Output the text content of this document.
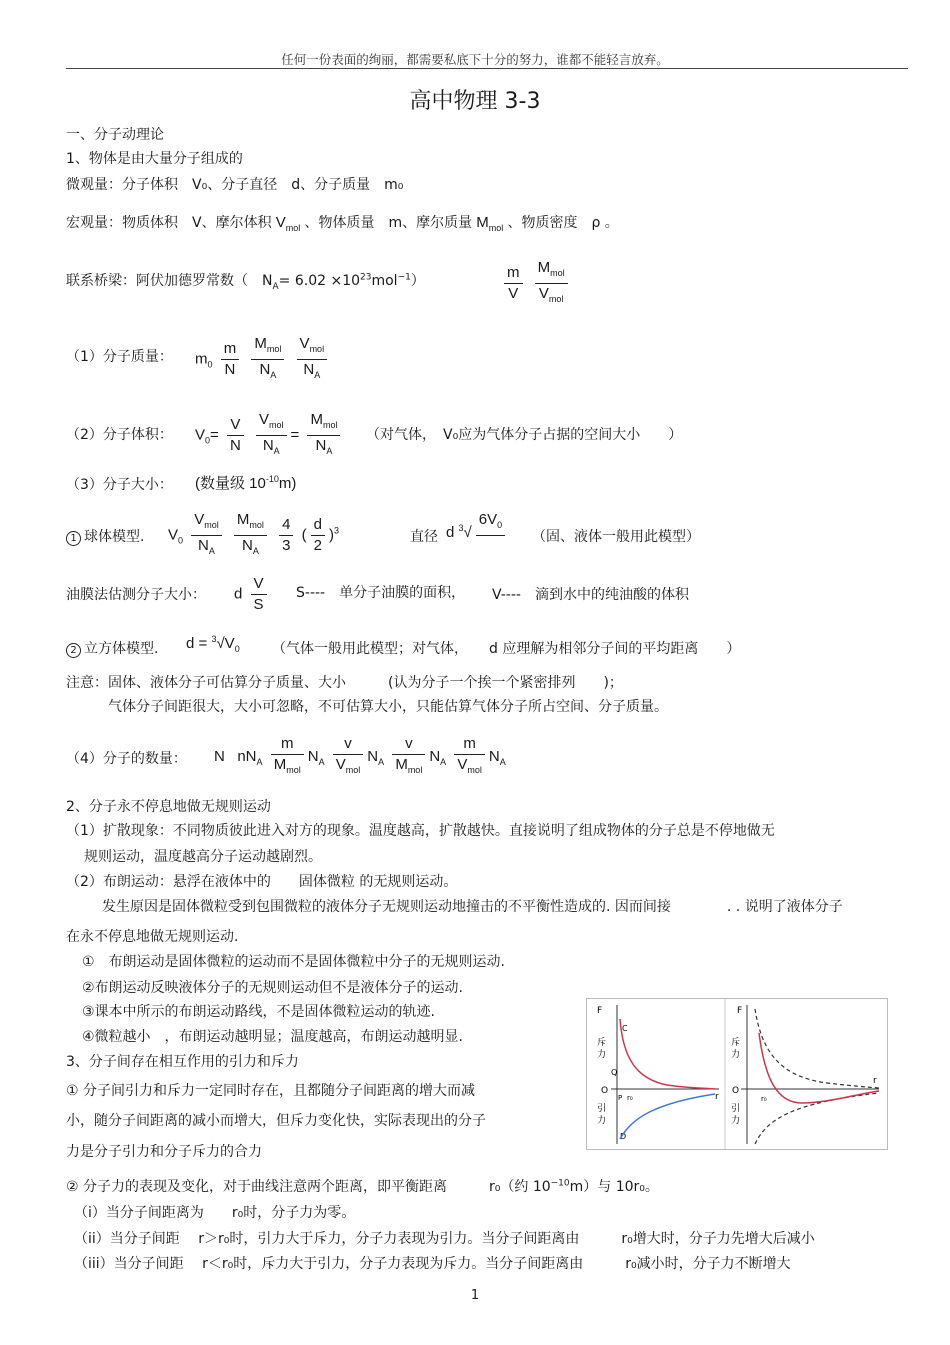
任何一份表面的绚丽，都需要私底下十分的努力，谁都不能轻言放弃。
高中物理 3-3
一、分子动理论
1、物体是由大量分子组成的
微观量：分子体积　V₀、分子直径　d、分子质量　m₀
宏观量：物质体积　V、摩尔体积 $V_{mol}$ 、物体质量　m、摩尔质量 $M_{mol}$ 、物质密度　ρ 。
联系桥梁：阿伏加德罗常数（　$N_A= 6.02 \times 10^{23}mol^{-1}$）	$\frac{m}{V}$
$\frac{M_{mol}}{V_{mol}}$
（1）分子质量： $m_0 \frac{m}{N}$
$\frac{M_{mol}}{N_A}$
$\frac{V_{mol}}{N_A}$
（2）分子体积： $V_0= \frac{V}{N}$
$\frac{V_{mol}}{N_A} = \frac{M_{mol}}{N_A}$ （对气体，　V₀应为气体分子占据的空间大小　　）
（3）分子大小： (数量级 $10^{-10}m$)
1 球体模型. $V_0 \frac{V_{mol}}{N_A}$
$\frac{M_{mol}}{N_A}$
$\frac{4}{3}$ ( $\frac{d}{2} )^3$	直径 d $^3$√
$6V_0$

（固、液体一般用此模型）
油膜法估测分子大小： d $\frac{V}{S} S----$　单分子油膜的面积， V----　滴到水中的纯油酸的体积
2 立方体模型. $d = ^3√V_0$ （气体一般用此模型；对气体，　　d 应理解为相邻分子间的平均距离　　）
注意：固体、液体分子可估算分子质量、大小　　　(认为分子一个挨一个紧密排列　　)；
气体分子间距很大，大小可忽略，不可估算大小，只能估算气体分子所占空间、分子质量。
（4）分子的数量： N   $nN_A \frac{m}{M_{mol}} N_A \frac{v}{V_{mol}} N_A \frac{v}{M_{mol}} N_A \frac{m}{V_{mol}} N_A$
2、分子永不停息地做无规则运动
（1）扩散现象：不同物质彼此进入对方的现象。温度越高，扩散越快。直接说明了组成物体的分子总是不停地做无
规则运动，温度越高分子运动越剧烈。
（2）布朗运动：悬浮在液体中的　　固体微粒 的无规则运动。
发生原因是固体微粒受到包围微粒的液体分子无规则运动地撞击的不平衡性造成的. 因而间接　　　　. . 说明了液体分子
在永不停息地做无规则运动.
①　布朗运动是固体微粒的运动而不是固体微粒中分子的无规则运动.
②布朗运动反映液体分子的无规则运动但不是液体分子的运动.
③课本中所示的布朗运动路线，不是固体微粒运动的轨迹.
④微粒越小　，布朗运动越明显；温度越高，布朗运动越明显.
3、分子间存在相互作用的引力和斥力
① 分子间引力和斥力一定同时存在，且都随分子间距离的增大而减
小，随分子间距离的减小而增大，但斥力变化快，实际表现出的分子
力是分子引力和分子斥力的合力
F
O
r
斥
力
引
力
C
D
Q
P r₀
F
O
r
斥
力
引
力
r₀
② 分子力的表现及变化，对于曲线注意两个距离，即平衡距离　　　r₀（约 $10^{-10}m$）与 10r₀。
（i）当分子间距离为　　r₀时，分子力为零。
（ii）当分子间距　 r＞r₀时，引力大于斥力，分子力表现为引力。当分子间距离由　　　r₀增大时，分子力先增大后减小
（iii）当分子间距　 r＜r₀时，斥力大于引力，分子力表现为斥力。当分子间距离由　　　r₀减小时，分子力不断增大
1
